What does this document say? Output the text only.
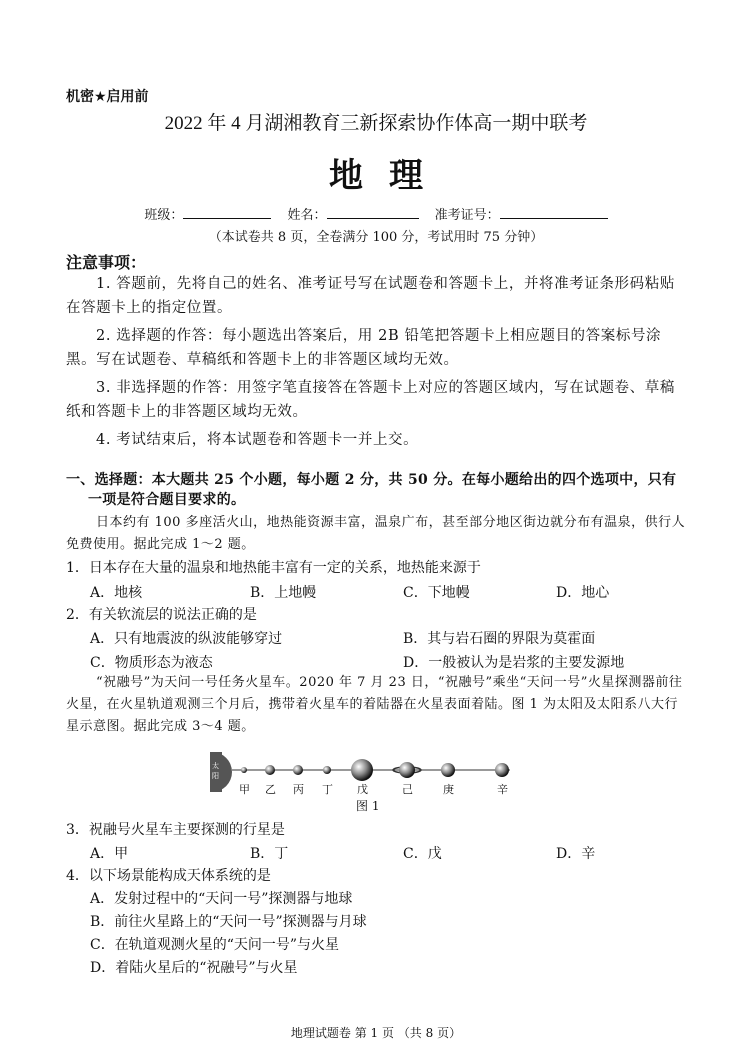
机密★启用前
2022 年 4 月湖湘教育三新探索协作体高一期中联考
地理
班级：	姓名：	准考证号：
（本试卷共 8 页，全卷满分 100 分，考试用时 75 分钟）
注意事项：
1. 答题前，先将自己的姓名、准考证号写在试题卷和答题卡上，并将准考证条形码粘贴在答题卡上的指定位置。
2. 选择题的作答：每小题选出答案后，用 2B 铅笔把答题卡上相应题目的答案标号涂黑。写在试题卷、草稿纸和答题卡上的非答题区域均无效。
3. 非选择题的作答：用签字笔直接答在答题卡上对应的答题区域内，写在试题卷、草稿纸和答题卡上的非答题区域均无效。
4. 考试结束后，将本试题卷和答题卡一并上交。
一、选择题：本大题共 25 个小题，每小题 2 分，共 50 分。在每小题给出的四个选项中，只有
一项是符合题目要求的。
日本约有 100 多座活火山，地热能资源丰富，温泉广布，甚至部分地区街边就分布有温泉，供行人免费使用。据此完成 1～2 题。
1．日本存在大量的温泉和地热能丰富有一定的关系，地热能来源于
A．地核	B．上地幔	C．下地幔	D．地心
2．有关软流层的说法正确的是
A．只有地震波的纵波能够穿过	B．其与岩石圈的界限为莫霍面
C．物质形态为液态	D．一般被认为是岩浆的主要发源地
“祝融号”为天问一号任务火星车。2020 年 7 月 23 日，“祝融号”乘坐“天问一号”火星探测器前往火星，在火星轨道观测三个月后，携带着火星车的着陆器在火星表面着陆。图 1 为太阳及太阳系八大行星示意图。据此完成 3～4 题。
太
阳
甲 乙 丙 丁 戊	己	庚	辛
图 1
3．祝融号火星车主要探测的行星是
A．甲	B．丁	C．戊	D．辛
4．以下场景能构成天体系统的是
A．发射过程中的“天问一号”探测器与地球
B．前往火星路上的“天问一号”探测器与月球
C．在轨道观测火星的“天问一号”与火星
D．着陆火星后的“祝融号”与火星
地理试题卷 第 1 页 （共 8 页）
